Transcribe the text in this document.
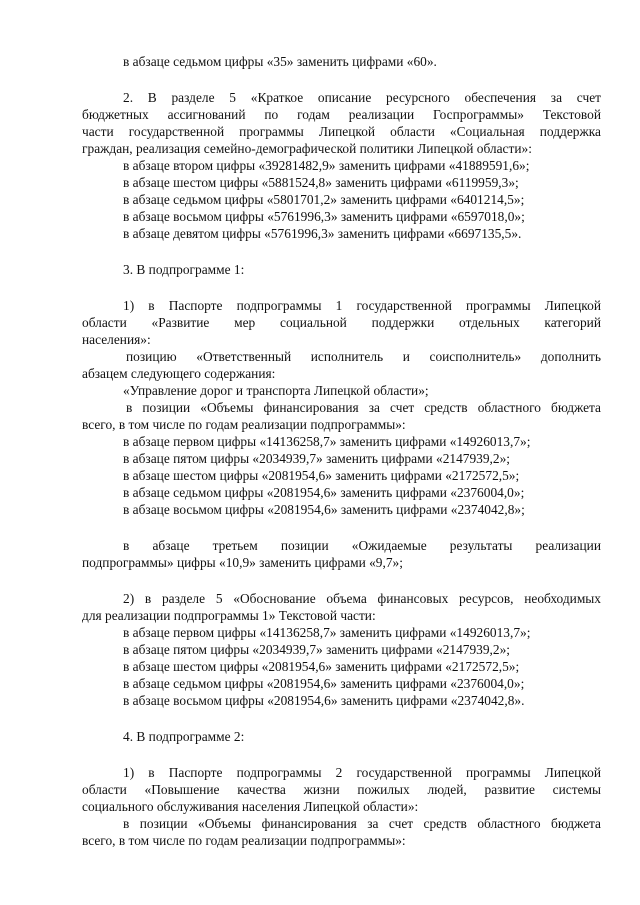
в абзаце седьмом цифры «35» заменить цифрами «60».
2. В разделе 5 «Краткое описание ресурсного обеспечения за счет
бюджетных ассигнований по годам реализации Госпрограммы» Текстовой
части государственной программы Липецкой области «Социальная поддержка
граждан, реализация семейно-демографической политики Липецкой области»:
в абзаце втором цифры «39281482,9» заменить цифрами «41889591,6»;
в абзаце шестом цифры «5881524,8» заменить цифрами «6119959,3»;
в абзаце седьмом цифры «5801701,2» заменить цифрами «6401214,5»;
в абзаце восьмом цифры «5761996,3» заменить цифрами «6597018,0»;
в абзаце девятом цифры «5761996,3» заменить цифрами «6697135,5».
3. В подпрограмме 1:
1) в Паспорте подпрограммы 1 государственной программы Липецкой
области «Развитие мер социальной поддержки отдельных категорий
населения»:
позицию «Ответственный исполнитель и соисполнитель» дополнить
абзацем следующего содержания:
«Управление дорог и транспорта Липецкой области»;
в позиции «Объемы финансирования за счет средств областного бюджета
всего, в том числе по годам реализации подпрограммы»:
в абзаце первом цифры «14136258,7» заменить цифрами «14926013,7»;
в абзаце пятом цифры «2034939,7» заменить цифрами «2147939,2»;
в абзаце шестом цифры «2081954,6» заменить цифрами «2172572,5»;
в абзаце седьмом цифры «2081954,6» заменить цифрами «2376004,0»;
в абзаце восьмом цифры «2081954,6» заменить цифрами «2374042,8»;
в абзаце третьем позиции «Ожидаемые результаты реализации
подпрограммы» цифры «10,9» заменить цифрами «9,7»;
2) в разделе 5 «Обоснование объема финансовых ресурсов, необходимых
для реализации подпрограммы 1» Текстовой части:
в абзаце первом цифры «14136258,7» заменить цифрами «14926013,7»;
в абзаце пятом цифры «2034939,7» заменить цифрами «2147939,2»;
в абзаце шестом цифры «2081954,6» заменить цифрами «2172572,5»;
в абзаце седьмом цифры «2081954,6» заменить цифрами «2376004,0»;
в абзаце восьмом цифры «2081954,6» заменить цифрами «2374042,8».
4. В подпрограмме 2:
1) в Паспорте подпрограммы 2 государственной программы Липецкой
области «Повышение качества жизни пожилых людей, развитие системы
социального обслуживания населения Липецкой области»:
в позиции «Объемы финансирования за счет средств областного бюджета
всего, в том числе по годам реализации подпрограммы»:
